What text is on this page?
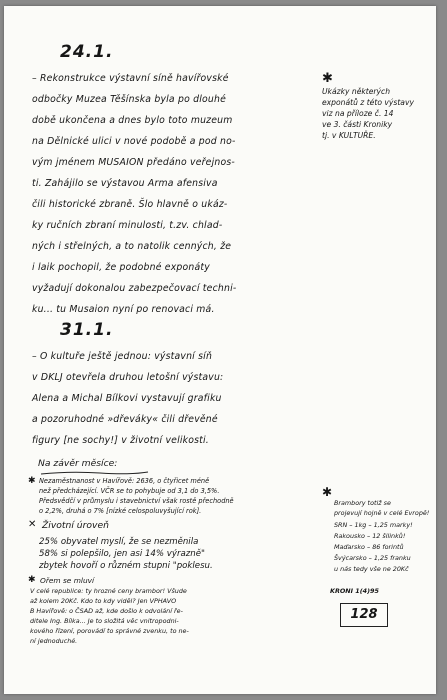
24.1.
– Rekonstrukce výstavní síně havířovské
odbočky Muzea Těšínska byla po dlouhé
době ukončena a dnes bylo toto muzeum
na Dělnické ulici v nové podobě a pod no-
vým jménem MUSAION předáno veřejnos-
ti. Zahájilo se výstavou Arma afensiva
čili historické zbraně. Šlo hlavně o ukáz-
ky ručních zbraní minulosti, t.zv. chlad-
ných i střelných, a to natolik cenných, že
i laik pochopil, že podobné exponáty
vyžadují dokonalou zabezpečovací techni-
ku... tu Musaion nyní po renovaci má.
✱
Ukázky některých
exponátů z této výstavy
viz na příloze č. 14
ve 3. části Kroniky
tj. v KULTUŘE.
31.1.
– O kultuře ještě jednou: výstavní síň
v DKLJ otevřela druhou letošní výstavu:
Alena a Michal Bílkovi vystavují grafiku
a pozoruhodné »dřeváky« čili dřevěné
figury [ne sochy!] v životní velikosti.
Na závěr měsíce:
✱ Nezaměstnanost v Havířově: 2636, o čtyřicet méně
než předcházející. VČR se to pohybuje od 3,1 do 3,5%.
Předsvědčí v průmyslu i stavebnictví však rostě přechodně
o 2,2%, druhá o 7% [nízké celospoluvyšující rok].
✕ Životní úroveň
25% obyvatel myslí, že se nezměnila
58% si polepšilo, jen asi 14% výrazně"
zbytek hovoří o různém stupni "poklesu.
✱ Ořem se mluví
V celé republice: ty hrozné ceny brambor! Všude
až kolem 20Kč. Kdo to kdy viděl? Jen VPHAVO
B Havířově: o ČSAD až, kde došlo k odvolání ře-
ditele Ing. Bílka... Je to složitá věc vnitropodni-
kového řízení, porovádí to správné zvenku, to ne-
ní jednoduché.
✱
Brambory totiž se
projevují hojně v celé Evropě!
SRN – 1kg – 1,25 marky!
Rakousko – 12 šilinků!
Maďarsko – 86 forintů
Švýcarsko – 1,25 franku
u nás tedy vše ne 20Kč
KRONI 1(4)95
128
